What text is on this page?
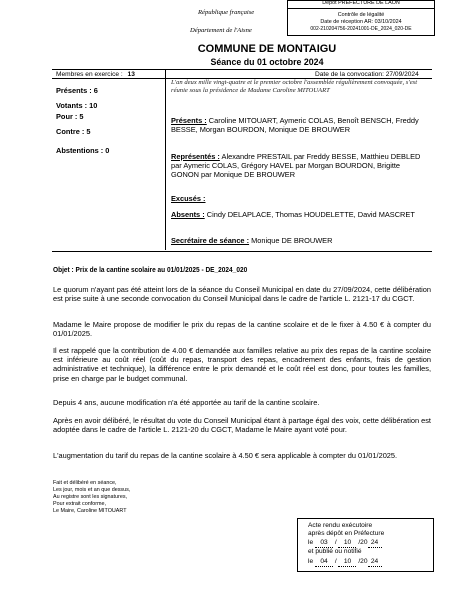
République française
Département de l'Aisne
Dépôt PREFECTURE DE LAON
Contrôle de légalité
Date de réception AR: 03/10/2024
002-210204756-20241001-DE_2024_020-DE
COMMUNE DE MONTAIGU
Séance du 01 octobre 2024
Membres en exercice : 13
Présents : 6
Votants : 10
Pour : 5
Contre : 5
Abstentions : 0
Date de la convocation: 27/09/2024
L'an deux mille vingt-quatre et le premier octobre l'assemblée régulièrement convoquée, s'est réunie sous la présidence de Madame Caroline MITOUART
Présents : Caroline MITOUART, Aymeric COLAS, Benoît BENSCH, Freddy BESSE, Morgan BOURDON, Monique DE BROUWER
Représentés : Alexandre PRESTAIL par Freddy BESSE, Matthieu DEBLED par Aymeric COLAS, Grégory HAVEL par Morgan BOURDON, Brigitte GONON par Monique DE BROUWER
Excusés :
Absents : Cindy DELAPLACE, Thomas HOUDELETTE, David MASCRET
Secrétaire de séance : Monique DE BROUWER
Objet : Prix de la cantine scolaire au 01/01/2025 - DE_2024_020
Le quorum n'ayant pas été atteint lors de la séance du Conseil Municipal en date du 27/09/2024, cette délibération est prise suite à une seconde convocation du Conseil Municipal dans le cadre de l'article L. 2121-17 du CGCT.
Madame le Maire propose de modifier le prix du repas de la cantine scolaire et de le fixer à 4.50 € à compter du 01/01/2025.
Il est rappelé que la contribution de 4.00 € demandée aux familles relative au prix des repas de la cantine scolaire est inférieure au coût réel (coût du repas, transport des repas, encadrement des enfants, frais de gestion administrative et technique), la différence entre le prix demandé et le coût réel est donc, pour toutes les familles, prise en charge par le budget communal.
Depuis 4 ans, aucune modification n'a été apportée au tarif de la cantine scolaire.
Après en avoir délibéré, le résultat du vote du Conseil Municipal étant à partage égal des voix, cette délibération est adoptée dans le cadre de l'article L. 2121-20 du CGCT, Madame le Maire ayant voté pour.
L'augmentation du tarif du repas de la cantine scolaire à 4.50 € sera applicable à compter du 01/01/2025.
Fait et délibéré en séance,
Les jour, mois et an que dessus,
Au registre sont les signatures,
Pour extrait conforme,
Le Maire, Caroline MITOUART
Acte rendu exécutoire
après dépôt en Préfecture
le 03 / 10 /20 24
et publié ou notifié
le 04 / 10 /20 24
